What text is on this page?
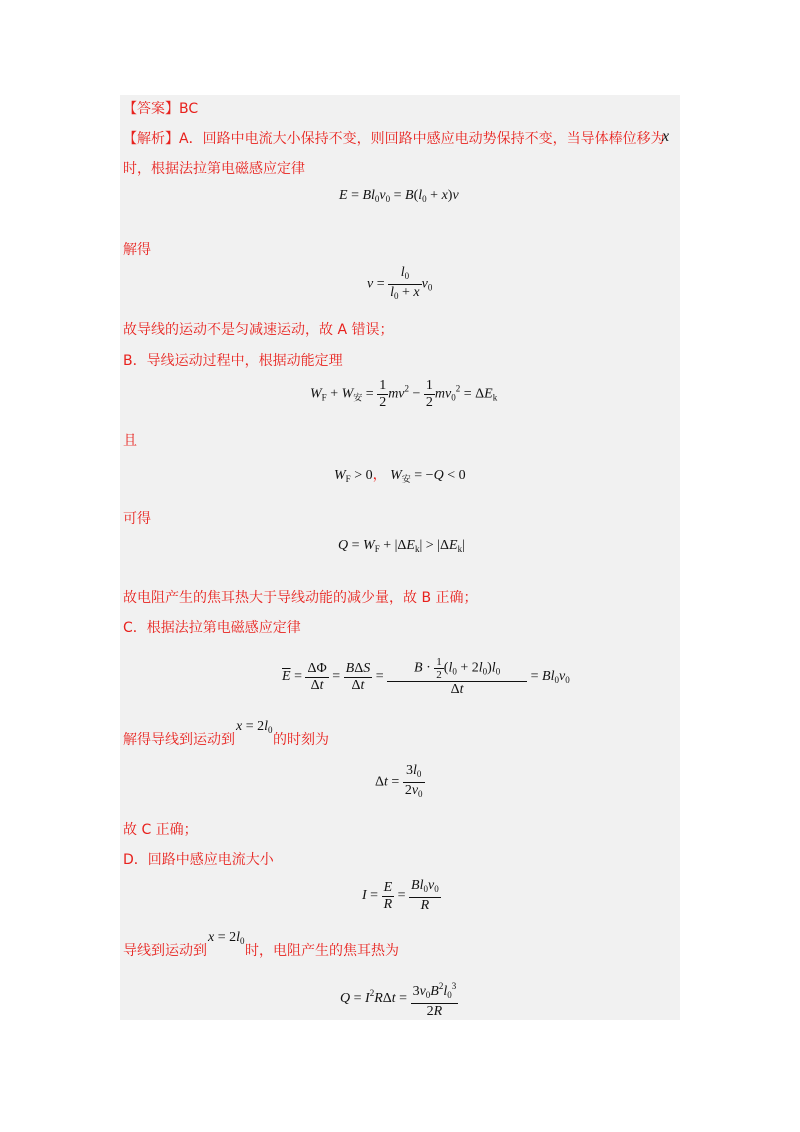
【答案】BC
【解析】A．回路中电流大小保持不变，则回路中感应电动势保持不变，当导体棒位移为
x
时，根据法拉第电磁感应定律
$E = Bl_0v_0 = B(l_0 + x)v$
解得
$v = \frac{l_0}{l_0 + x} v_0$
故导线的运动不是匀减速运动，故 A 错误；
B．导线运动过程中，根据动能定理
$W_F + W_安 = \frac{1}{2} mv^2 - \frac{1}{2} mv_0^2 = \Delta E_k$
且
$W_F > 0$， $W_安 = -Q < 0$
可得
$Q = W_F + |\Delta E_k| > |\Delta E_k|$
故电阻产生的焦耳热大于导线动能的减少量，故 B 正确；
C．根据法拉第电磁感应定律
$\overline{E} = \frac{\Delta\Phi}{\Delta t}$ =
BΔS
Δt
= $\frac{B \cdot \frac{1}{2} (l_0 + 2l_0)l_0}{\Delta t} = Bl_0v_0$
解得导线到运动到
$x = 2l_0$
的时刻为
$\Delta t = \frac{3l_0}{2v_0}$
故 C 正确；
D．回路中感应电流大小
$I = \frac{E}{R} = \frac{Bl_0v_0}{R}$
导线到运动到
$x = 2l_0$
时，电阻产生的焦耳热为
$Q = I^2R\Delta t = \frac{3v_0B^2l_0^3}{2R}$
